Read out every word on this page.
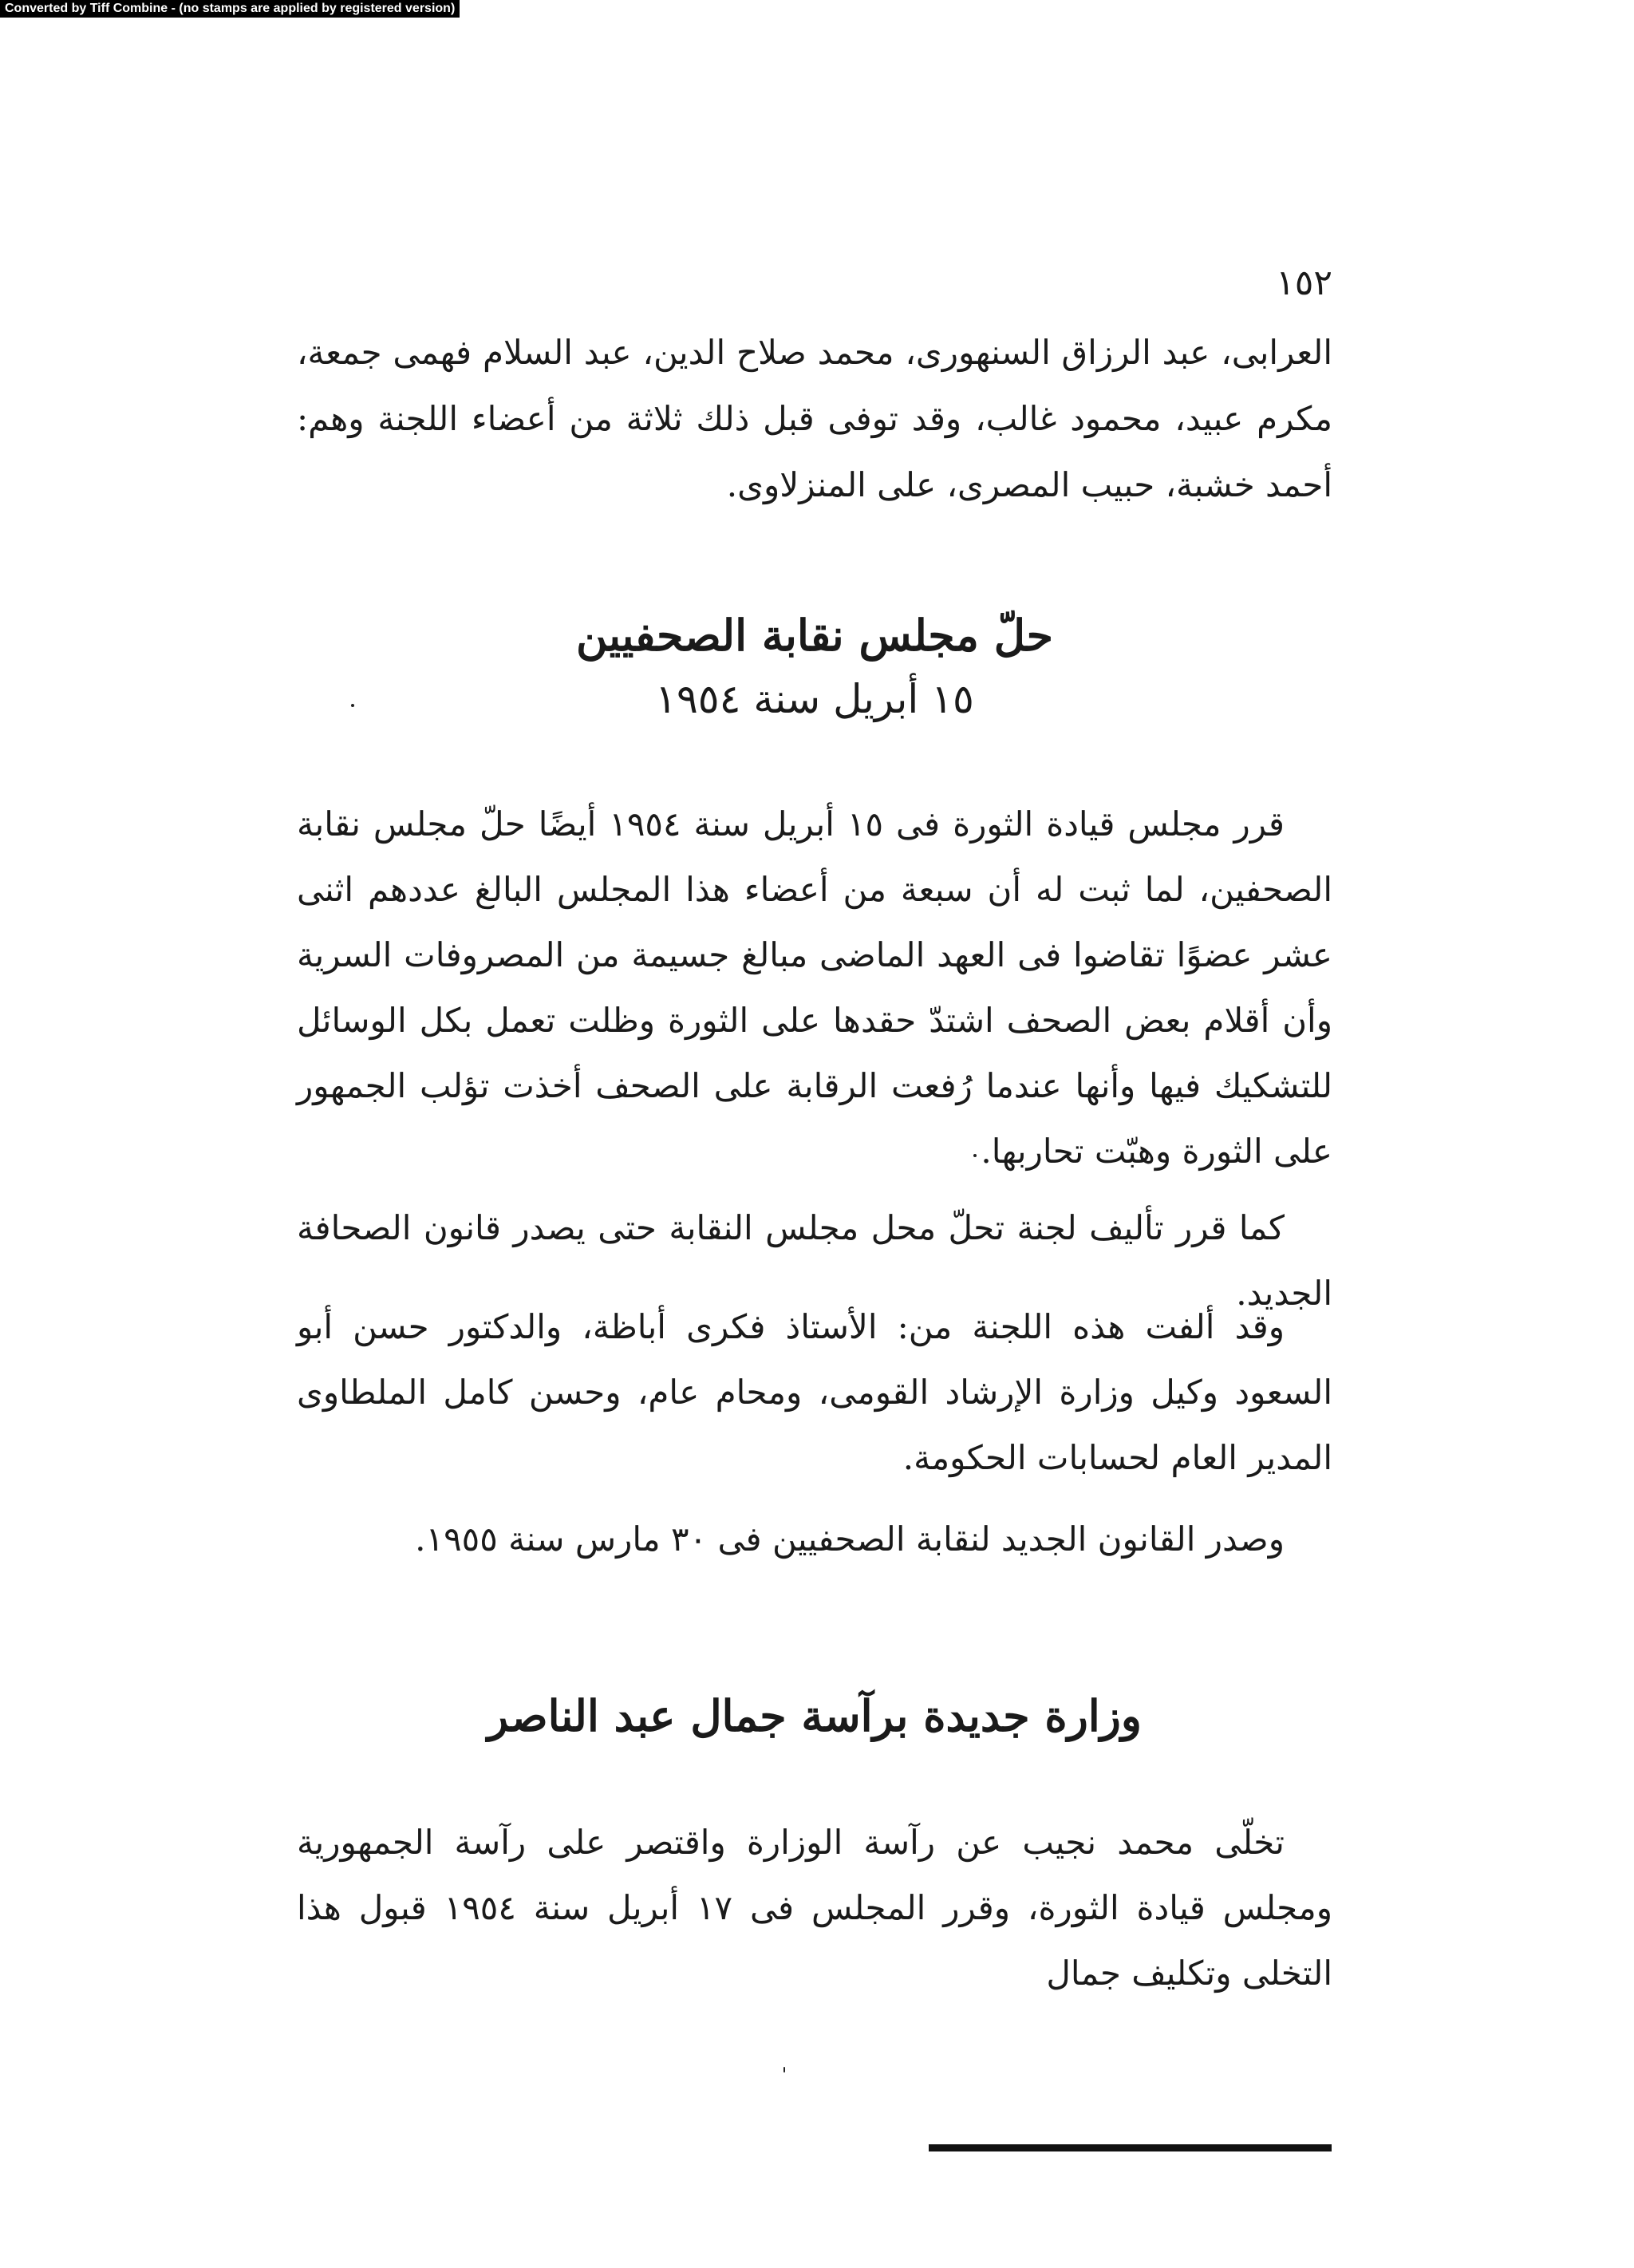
Converted by Tiff Combine - (no stamps are applied by registered version)
١٥٢
العرابى، عبد الرزاق السنهورى، محمد صلاح الدين، عبد السلام فهمى جمعة، مكرم عبيد، محمود غالب، وقد توفى قبل ذلك ثلاثة من أعضاء اللجنة وهم: أحمد خشبة، حبيب المصرى، على المنزلاوى.
حلّ مجلس نقابة الصحفيين
١٥ أبريل سنة ١٩٥٤

قرر مجلس قيادة الثورة فى ١٥ أبريل سنة ١٩٥٤ أيضًا حلّ مجلس نقابة الصحفين، لما ثبت له أن سبعة من أعضاء هذا المجلس البالغ عددهم اثنى عشر عضوًا تقاضوا فى العهد الماضى مبالغ جسيمة من المصروفات السرية وأن أقلام بعض الصحف اشتدّ حقدها على الثورة وظلت تعمل بكل الوسائل للتشكيك فيها وأنها عندما رُفعت الرقابة على الصحف أخذت تؤلب الجمهور على الثورة وهبّت تحاربها.

كما قرر تأليف لجنة تحلّ محل مجلس النقابة حتى يصدر قانون الصحافة الجديد.

وقد ألفت هذه اللجنة من: الأستاذ فكرى أباظة، والدكتور حسن أبو السعود وكيل وزارة الإرشاد القومى، ومحام عام، وحسن كامل الملطاوى المدير العام لحسابات الحكومة.

وصدر القانون الجديد لنقابة الصحفيين فى ٣٠ مارس سنة ١٩٥٥.

وزارة جديدة برآسة جمال عبد الناصر

تخلّى محمد نجيب عن رآسة الوزارة واقتصر على رآسة الجمهورية ومجلس قيادة الثورة، وقرر المجلس فى ١٧ أبريل سنة ١٩٥٤ قبول هذا التخلى وتكليف جمال
